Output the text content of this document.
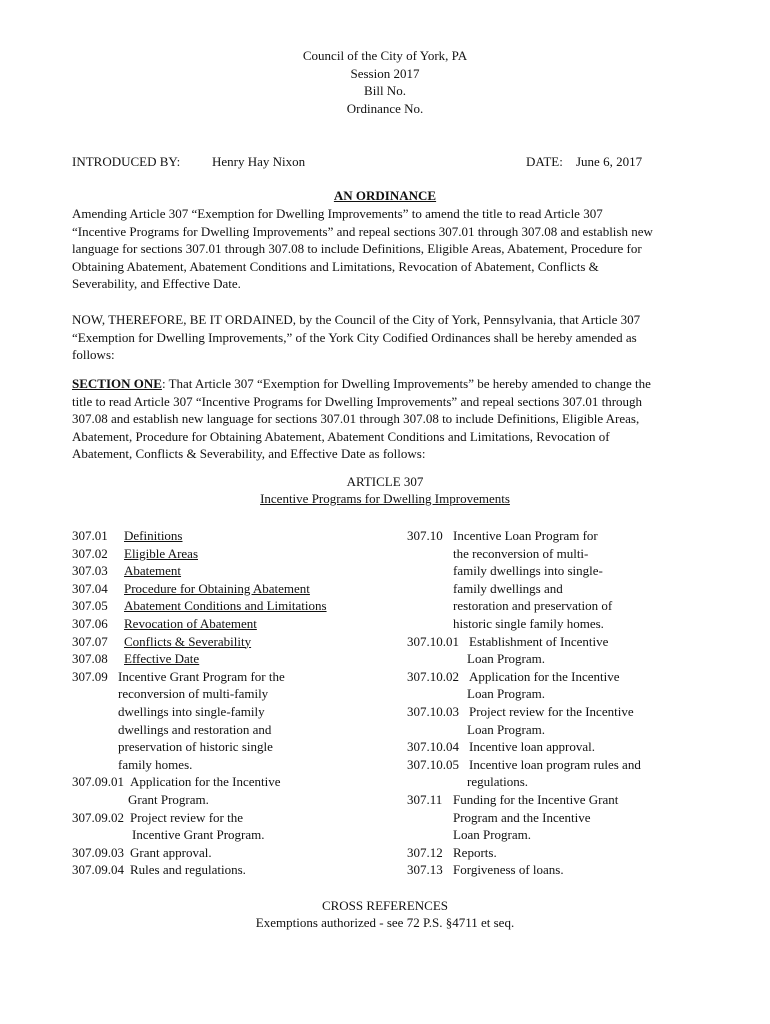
Council of the City of York, PA
Session 2017
Bill No.
Ordinance No.
INTRODUCED BY: Henry Hay Nixon	DATE: June 6, 2017
AN ORDINANCE
Amending Article 307 “Exemption for Dwelling Improvements” to amend the title to read Article 307
“Incentive Programs for Dwelling Improvements” and repeal sections 307.01 through 307.08 and establish new
language for sections 307.01 through 307.08 to include Definitions, Eligible Areas, Abatement, Procedure for
Obtaining Abatement, Abatement Conditions and Limitations, Revocation of Abatement, Conflicts &
Severability, and Effective Date.
NOW, THEREFORE, BE IT ORDAINED, by the Council of the City of York, Pennsylvania, that Article 307
“Exemption for Dwelling Improvements,” of the York City Codified Ordinances shall be hereby amended as
follows:
SECTION ONE: That Article 307 “Exemption for Dwelling Improvements” be hereby amended to change the
title to read Article 307 “Incentive Programs for Dwelling Improvements” and repeal sections 307.01 through
307.08 and establish new language for sections 307.01 through 307.08 to include Definitions, Eligible Areas,
Abatement, Procedure for Obtaining Abatement, Abatement Conditions and Limitations, Revocation of
Abatement, Conflicts & Severability, and Effective Date as follows:
ARTICLE 307
Incentive Programs for Dwelling Improvements
307.01 Definitions
307.02 Eligible Areas
307.03 Abatement
307.04 Procedure for Obtaining Abatement
307.05 Abatement Conditions and Limitations
307.06 Revocation of Abatement
307.07 Conflicts & Severability
307.08 Effective Date
307.09 Incentive Grant Program for the
reconversion of multi-family
dwellings into single-family
dwellings and restoration and
preservation of historic single
family homes.
307.09.01 Application for the Incentive
Grant Program.
307.09.02 Project review for the
Incentive Grant Program.
307.09.03 Grant approval.
307.09.04 Rules and regulations.
307.10 Incentive Loan Program for
the reconversion of multi-
family dwellings into single-
family dwellings and
restoration and preservation of
historic single family homes.
307.10.01 Establishment of Incentive
Loan Program.
307.10.02 Application for the Incentive
Loan Program.
307.10.03 Project review for the Incentive
Loan Program.
307.10.04 Incentive loan approval.
307.10.05 Incentive loan program rules and
regulations.
307.11 Funding for the Incentive Grant
Program and the Incentive
Loan Program.
307.12 Reports.
307.13 Forgiveness of loans.
CROSS REFERENCES
Exemptions authorized - see 72 P.S. §4711 et seq.
